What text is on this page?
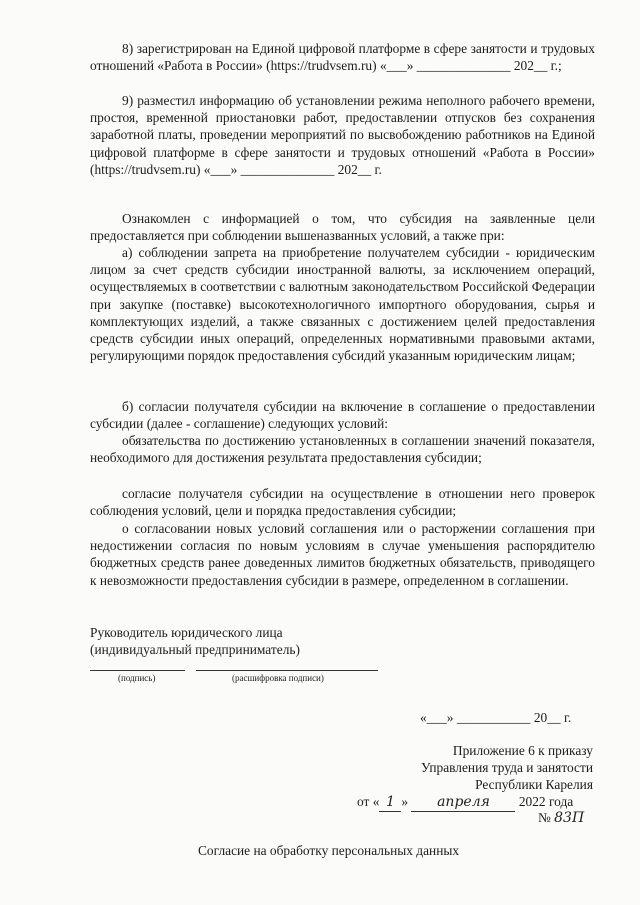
8) зарегистрирован на Единой цифровой платформе в сфере занятости и трудовых отношений «Работа в России» (https://trudvsem.ru) «___» ______________ 202__ г.;

9) разместил информацию об установлении режима неполного рабочего времени, простоя, временной приостановки работ, предоставлении отпусков без сохранения заработной платы, проведении мероприятий по высвобождению работников на Единой цифровой платформе в сфере занятости и трудовых отношений «Работа в России» (https://trudvsem.ru) «___» ______________ 202__ г.

Ознакомлен с информацией о том, что субсидия на заявленные цели предоставляется при соблюдении вышеназванных условий, а также при:

а) соблюдении запрета на приобретение получателем субсидии - юридическим лицом за счет средств субсидии иностранной валюты, за исключением операций, осуществляемых в соответствии с валютным законодательством Российской Федерации при закупке (поставке) высокотехнологичного импортного оборудования, сырья и комплектующих изделий, а также связанных с достижением целей предоставления средств субсидии иных операций, определенных нормативными правовыми актами, регулирующими порядок предоставления субсидий указанным юридическим лицам;

б) согласии получателя субсидии на включение в соглашение о предоставлении субсидии (далее - соглашение) следующих условий:

обязательства по достижению установленных в соглашении значений показателя, необходимого для достижения результата предоставления субсидии;

согласие получателя субсидии на осуществление в отношении него проверок соблюдения условий, цели и порядка предоставления субсидии;

о согласовании новых условий соглашения или о расторжении соглашения при недостижении согласия по новым условиям в случае уменьшения распорядителю бюджетных средств ранее доведенных лимитов бюджетных обязательств, приводящего к невозможности предоставления субсидии в размере, определенном в соглашении.

Руководитель юридического лица
(индивидуальный предприниматель)
(подпись)	(расшифровка подписи)
«___» ___________ 20__ г.
Приложение 6 к приказу
Управления труда и занятости
Республики Карелия
от « 1 » апреля 2022 года
№ 83П
Согласие на обработку персональных данных
